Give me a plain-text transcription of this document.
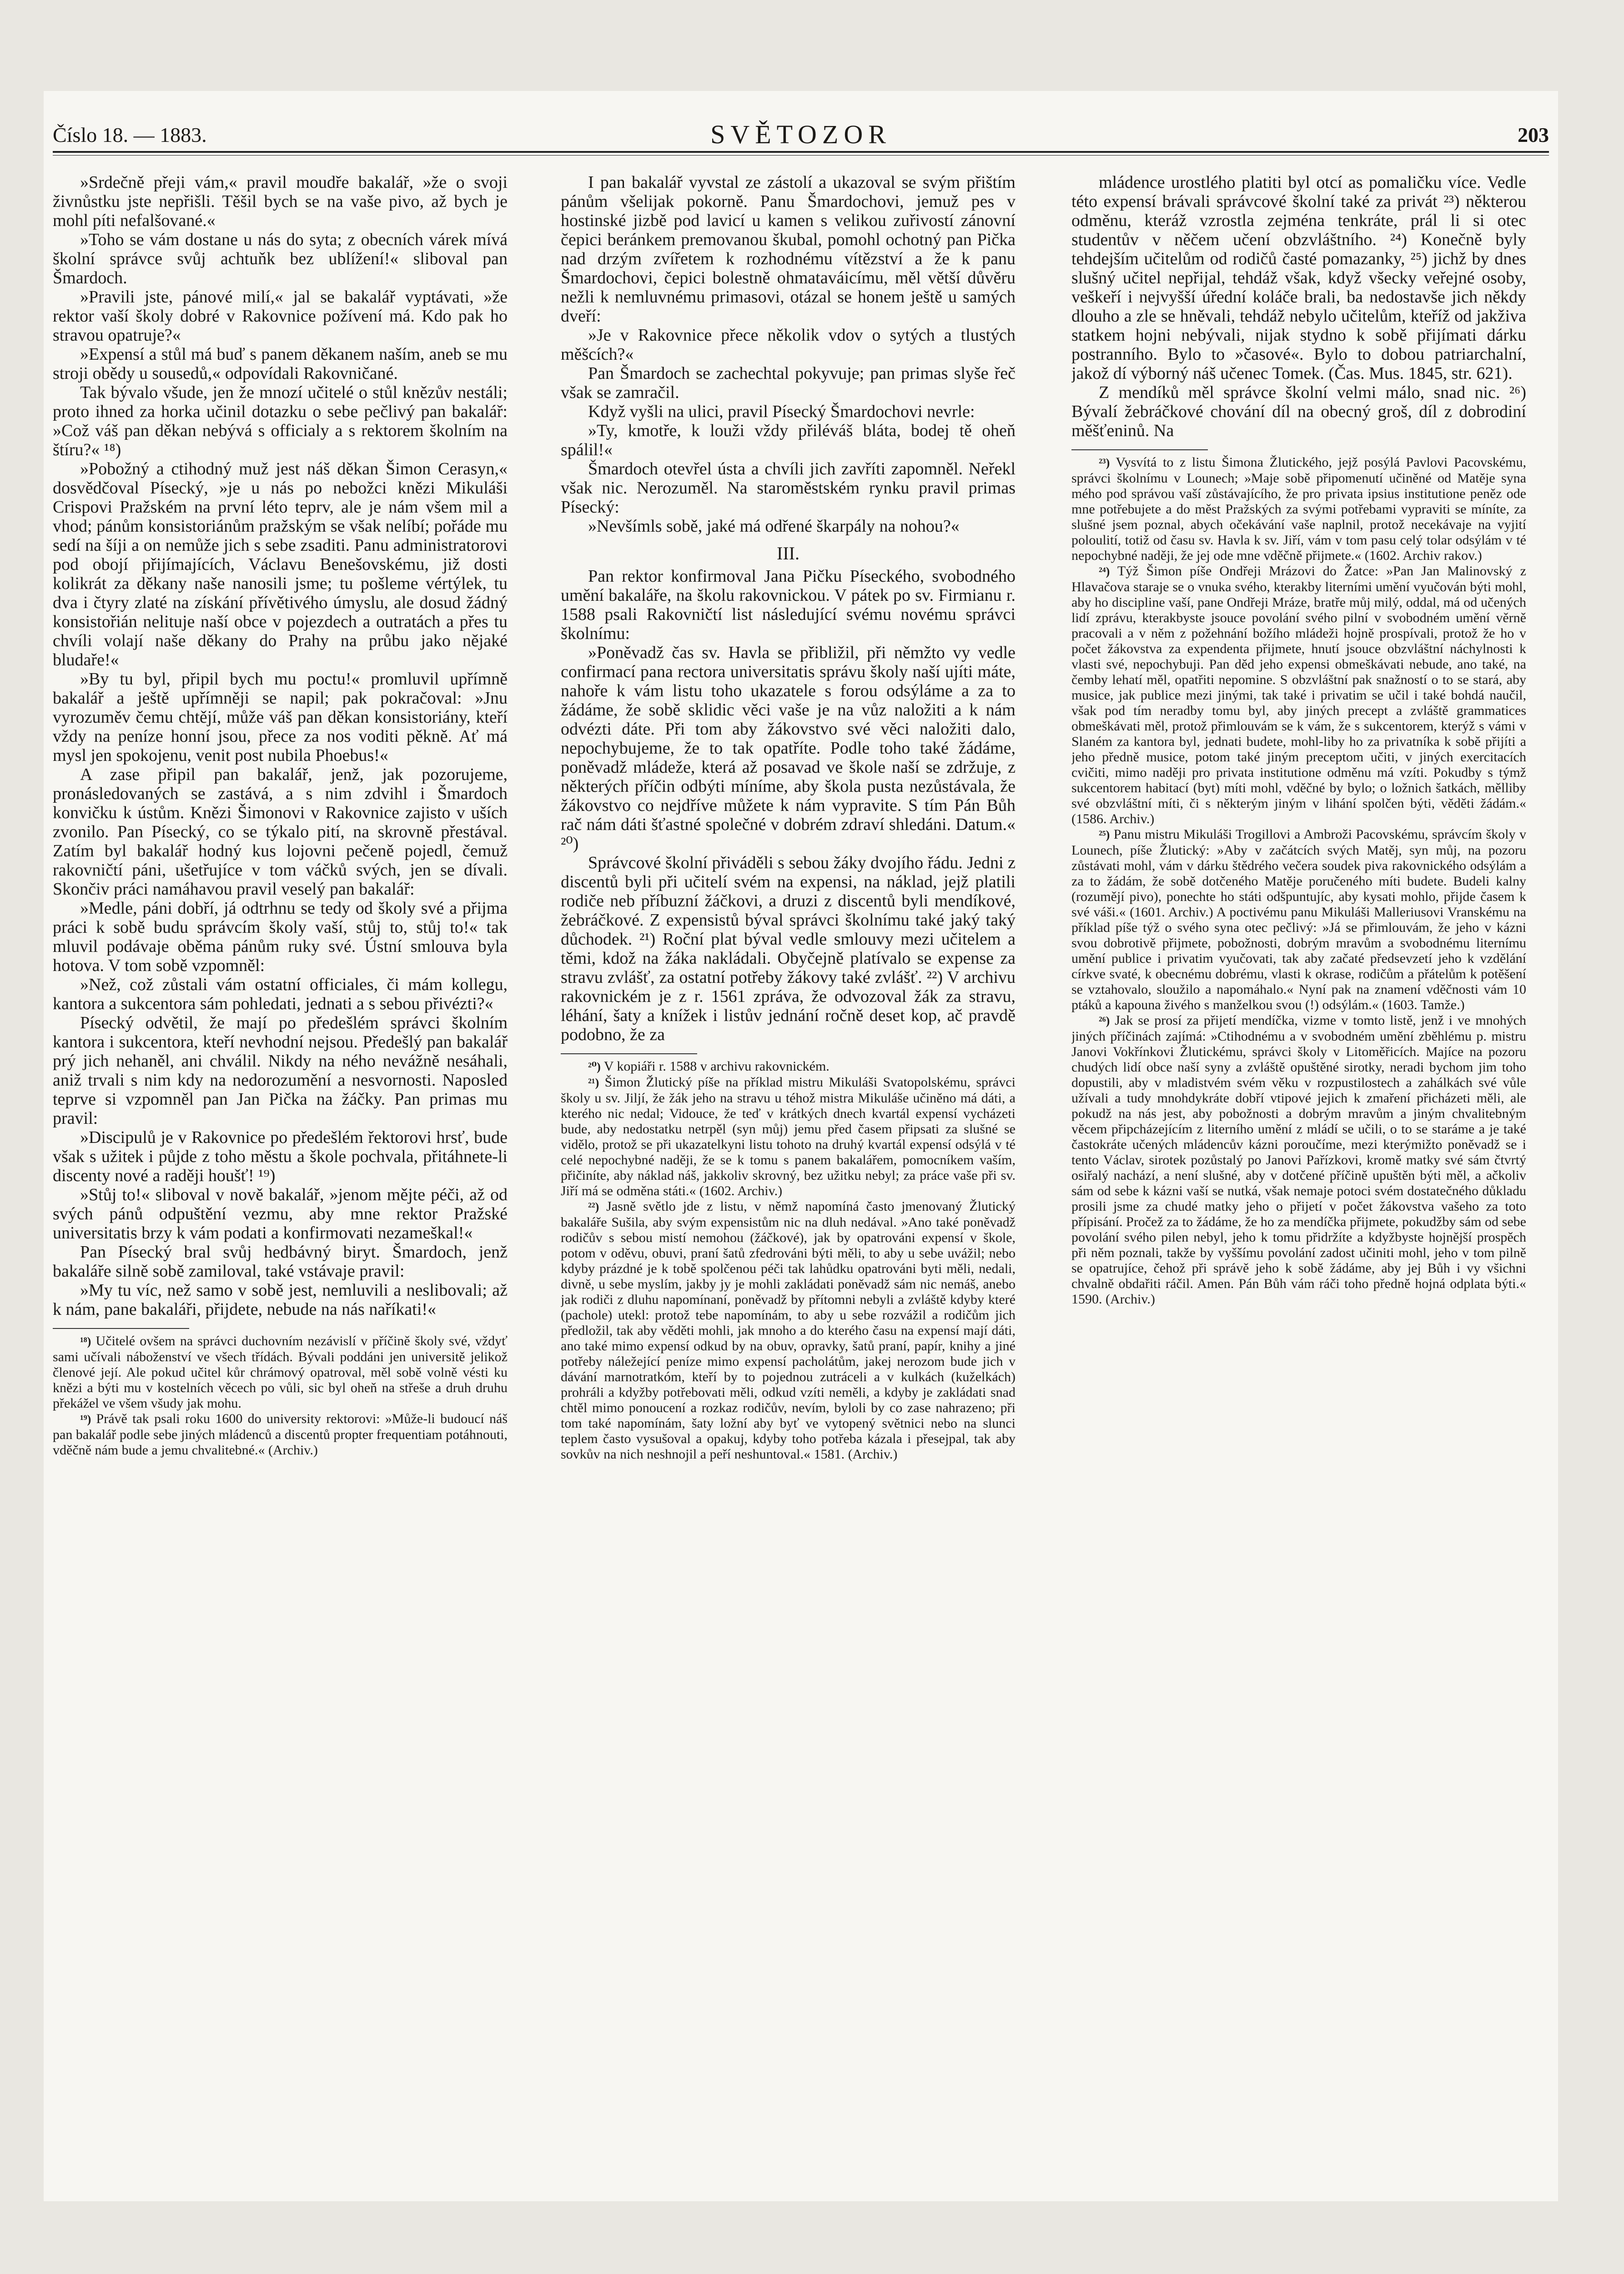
Číslo 18. — 1883.	SVĚTOZOR	203

»Srdečně přeji vám,« pravil moudře bakalář, »že o svoji živnůstku jste nepřišli. Těšil bych se na vaše pivo, až bych je mohl píti nefalšované.«

»Toho se vám dostane u nás do syta; z obecních várek mívá školní správce svůj achtuňk bez ublížení!« sliboval pan Šmardoch.

»Pravili jste, pánové milí,« jal se bakalář vyptávati, »že rektor vaší školy dobré v Rakovnice požívení má. Kdo pak ho stravou opatruje?«

»Expensí a stůl má buď s panem děkanem naším, aneb se mu stroji obědy u sousedů,« odpovídali Rakovničané.

Tak bývalo všude, jen že mnozí učitelé o stůl knězův nestáli; proto ihned za horka učinil dotazku o sebe pečlivý pan bakalář: »Což váš pan děkan nebývá s officialy a s rektorem školním na štíru?« ¹⁸)

»Pobožný a ctihodný muž jest náš děkan Šimon Cerasyn,« dosvědčoval Písecký, »je u nás po nebožci knězi Mikuláši Crispovi Pražském na první léto teprv, ale je nám všem mil a vhod; pánům konsistoriánům pražským se však nelíbí; pořáde mu sedí na šíji a on nemůže jich s sebe zsaditi. Panu administratorovi pod obojí přijímajících, Václavu Benešovskému, již dosti kolikrát za děkany naše nanosili jsme; tu pošleme vértýlek, tu dva i čtyry zlaté na získání přívětivého úmyslu, ale dosud žádný konsistořián nelituje naší obce v pojezdech a outratách a přes tu chvíli volají naše děkany do Prahy na průbu jako nějaké bludaře!«

»By tu byl, připil bych mu poctu!« promluvil upřímně bakalář a ještě upřímněji se napil; pak pokračoval: »Jnu vyrozuměv čemu chtějí, může váš pan děkan konsistoriány, kteří vždy na peníze honní jsou, přece za nos voditi pěkně. Ať má mysl jen spokojenu, venit post nubila Phoebus!«

A zase připil pan bakalář, jenž, jak pozorujeme, pronásledovaných se zastává, a s nim zdvihl i Šmardoch konvičku k ústům. Knězi Šimonovi v Rakovnice zajisto v uších zvonilo. Pan Písecký, co se týkalo pití, na skrovně přestával. Zatím byl bakalář hodný kus lojovni pečeně pojedl, čemuž rakovničtí páni, ušetřujíce v tom váčků svých, jen se dívali. Skončiv práci namáhavou pravil veselý pan bakalář:

»Medle, páni dobří, já odtrhnu se tedy od školy své a přijma práci k sobě budu správcím školy vaší, stůj to, stůj to!« tak mluvil podávaje oběma pánům ruky své. Ústní smlouva byla hotova. V tom sobě vzpomněl:

»Než, což zůstali vám ostatní officiales, či mám kollegu, kantora a sukcentora sám pohledati, jednati a s sebou přivézti?«

Písecký odvětil, že mají po předešlém správci školním kantora i sukcentora, kteří nevhodní nejsou. Předešlý pan bakalář prý jich nehaněl, ani chválil. Nikdy na ného nevážně nesáhali, aniž trvali s nim kdy na nedorozumění a nesvornosti. Naposled teprve si vzpomněl pan Jan Pička na žáčky. Pan primas mu pravil:

»Discipulů je v Rakovnice po předešlém řektorovi hrsť, bude však s užitek i půjde z toho městu a škole pochvala, přitáhnete-li discenty nové a raději houšť! ¹⁹)

»Stůj to!« sliboval v nově bakalář, »jenom mějte péči, až od svých pánů odpuštění vezmu, aby mne rektor Pražské universitatis brzy k vám podati a konfirmovati nezameškal!«

Pan Písecký bral svůj hedbávný biryt. Šmardoch, jenž bakaláře silně sobě zamiloval, také vstávaje pravil:

»My tu víc, než samo v sobě jest, nemluvili a neslibovali; až k nám, pane bakaláři, přijdete, nebude na nás naříkati!«

¹⁸) Učitelé ovšem na správci duchovním nezávislí v příčině školy své, vždyť sami učívali náboženství ve všech třídách. Bývali poddáni jen universitě jelikož členové její. Ale pokud učitel kůr chrámový opatroval, měl sobě volně vésti ku knězi a býti mu v kostelních věcech po vůli, sic byl oheň na střeše a druh druhu překážel ve všem všudy jak mohu.

¹⁹) Právě tak psali roku 1600 do university rektorovi: »Může-li budoucí náš pan bakalář podle sebe jiných mládenců a discentů propter frequentiam potáhnouti, vděčně nám bude a jemu chvalitebné.« (Archiv.)

I pan bakalář vyvstal ze zástolí a ukazoval se svým přištím pánům všelijak pokorně. Panu Šmardochovi, jemuž pes v hostinské jizbě pod lavicí u kamen s velikou zuřivostí zánovní čepici beránkem premovanou škubal, pomohl ochotný pan Pička nad drzým zvířetem k rozhodnému vítězství a že k panu Šmardochovi, čepici bolestně ohmataváicímu, měl větší důvěru nežli k nemluvnému primasovi, otázal se honem ještě u samých dveří:

»Je v Rakovnice přece několik vdov o sytých a tlustých měšcích?«

Pan Šmardoch se zachechtal pokyvuje; pan primas slyše řeč však se zamračil.

Když vyšli na ulici, pravil Písecký Šmardochovi nevrle:

»Ty, kmotře, k louži vždy přiléváš bláta, bodej tě oheň spálil!«

Šmardoch otevřel ústa a chvíli jich zavříti zapomněl. Neřekl však nic. Nerozuměl. Na staroměstském rynku pravil primas Písecký:

»Nevšímls sobě, jaké má odřené škarpály na nohou?«

III.

Pan rektor konfirmoval Jana Pičku Píseckého, svobodného umění bakaláře, na školu rakovnickou. V pátek po sv. Firmianu r. 1588 psali Rakovničtí list následující svému novému správci školnímu:

»Poněvadž čas sv. Havla se přibližil, při němžto vy vedle confirmací pana rectora universitatis správu školy naší ujíti máte, nahoře k vám listu toho ukazatele s forou odsýláme a za to žádáme, že sobě sklidic věci vaše je na vůz naložiti a k nám odvézti dáte. Při tom aby žákovstvo své věci naložiti dalo, nepochybujeme, že to tak opatříte. Podle toho také žádáme, poněvadž mládeže, která až posavad ve škole naší se zdržuje, z některých příčin odbýti míníme, aby škola pusta nezůstávala, že žákovstvo co nejdříve můžete k nám vypravite. S tím Pán Bůh rač nám dáti šťastné společné v dobrém zdraví shledáni. Datum.« ²⁰)

Správcové školní přiváděli s sebou žáky dvojího řádu. Jedni z discentů byli při učitelí svém na expensi, na náklad, jejž platili rodiče neb příbuzní žáčkovi, a druzi z discentů byli mendíkové, žebráčkové. Z expensistů býval správci školnímu také jaký taký důchodek. ²¹) Roční plat býval vedle smlouvy mezi učitelem a těmi, kdož na žáka nakládali. Obyčejně platívalo se expense za stravu zvlášť, za ostatní potřeby žákovy také zvlášť. ²²) V archivu rakovnickém je z r. 1561 zpráva, že odvozoval žák za stravu, léhání, šaty a knížek i listův jednání ročně deset kop, ač pravdě podobno, že za

²⁰) V kopiáři r. 1588 v archivu rakovnickém.

²¹) Šimon Žlutický píše na příklad mistru Mikuláši Svatopolskému, správci školy u sv. Jiljí, že žák jeho na stravu u téhož mistra Mikuláše učiněno má dáti, a kterého nic nedal; Vidouce, že teď v krátkých dnech kvartál expensí vycházeti bude, aby nedostatku netrpěl (syn můj) jemu před časem připsati za slušné se vidělo, protož se při ukazatelkyni listu tohoto na druhý kvartál expensí odsýlá v té celé nepochybné naději, že se k tomu s panem bakalářem, pomocníkem vaším, přičiníte, aby náklad náš, jakkoliv skrovný, bez užitku nebyl; za práce vaše při sv. Jiří má se odměna státi.« (1602. Archiv.)

²²) Jasně světlo jde z listu, v němž napomíná často jmenovaný Žlutický bakaláře Sušila, aby svým expensistům nic na dluh nedával. »Ano také poněvadž rodičův s sebou mistí nemohou (žáčkové), jak by opatrováni expensí v škole, potom v oděvu, obuvi, praní šatů zfedrováni býti měli, to aby u sebe uvážil; nebo kdyby prázdné je k tobě spolčenou péči tak lahůdku opatrováni byti měli, nedali, divně, u sebe myslím, jakby jy je mohli zakládati poněvadž sám nic nemáš, anebo jak rodiči z dluhu napomínaní, poněvadž by přítomni nebyli a zvláště kdyby které (pachole) utekl: protož tebe napomínám, to aby u sebe rozvážil a rodičům jich předložil, tak aby věděti mohli, jak mnoho a do kterého času na expensí mají dáti, ano také mimo expensí odkud by na obuv, opravky, šatů praní, papír, knihy a jiné potřeby náležející peníze mimo expensí pacholátům, jakej nerozom bude jich v dávání marnotratkóm, kteří by to pojednou zutráceli a v kulkách (kuželkách) prohráli a kdyžby potřebovati měli, odkud vzíti neměli, a kdyby je zakládati snad chtěl mimo ponoucení a rozkaz rodičův, nevím, byloli by co zase nahrazeno; při tom také napomínám, šaty ložní aby byť ve vytopený světnici nebo na slunci teplem často vysušoval a opakuj, kdyby toho potřeba kázala i přesejpal, tak aby sovkův na nich neshnojil a peří neshuntoval.« 1581. (Archiv.)

mládence urostlého platiti byl otcí as pomaličku více. Vedle této expensí brávali správcové školní také za privát ²³) některou odměnu, kteráž vzrostla zejména tenkráte, prál li si otec studentův v něčem učení obzvláštního. ²⁴) Konečně byly tehdejším učitelům od rodičů časté pomazanky, ²⁵) jichž by dnes slušný učitel nepřijal, tehdáž však, když všecky veřejné osoby, veškeří i nejvyšší úřední koláče brali, ba nedostavše jich někdy dlouho a zle se hněvali, tehdáž nebylo učitelům, kteříž od jakživa statkem hojni nebývali, nijak stydno k sobě přijímati dárku postranního. Bylo to »časové«. Bylo to dobou patriarchalní, jakož dí výborný náš učenec Tomek. (Čas. Mus. 1845, str. 621).

Z mendíků měl správce školní velmi málo, snad nic. ²⁶) Bývalí žebráčkové chování díl na obecný groš, díl z dobrodiní měšťeninů. Na

²³) Vysvítá to z listu Šimona Žlutického, jejž posýlá Pavlovi Pacovskému, správci školnímu v Lounech; »Maje sobě připomenutí učiněné od Matěje syna mého pod správou vaší zůstávajícího, že pro privata ipsius institutione peněz ode mne potřebujete a do měst Pražských za svými potřebami vypraviti se míníte, za slušné jsem poznal, abych očekávání vaše naplnil, protož necekávaje na vyjití poloulití, totiž od času sv. Havla k sv. Jiří, vám v tom pasu celý tolar odsýlám v té nepochybné naději, že jej ode mne vděčně přijmete.« (1602. Archiv rakov.)

²⁴) Týž Šimon píše Ondřeji Mrázovi do Žatce: »Pan Jan Malinovský z Hlavačova staraje se o vnuka svého, kterakby literními umění vyučován býti mohl, aby ho discipline vaší, pane Ondřeji Mráze, bratře můj milý, oddal, má od učených lidí zprávu, kterakbyste jsouce povolání svého pilní v svobodném umění věrně pracovali a v něm z požehnání božího mládeži hojně prospívali, protož že ho v počet žákovstva za expendenta přijmete, hnutí jsouce obzvláštní náchylnosti k vlasti své, nepochybuji. Pan děd jeho expensi obmeškávati nebude, ano také, na čemby lehatí měl, opatřiti nepomine. S obzvláštní pak snažností o to se stará, aby musice, jak publice mezi jinými, tak také i privatim se učil i také bohdá naučil, však pod tím neradby tomu byl, aby jiných precept a zvláště grammatices obmeškávati měl, protož přimlouvám se k vám, že s sukcentorem, kterýž s vámi v Slaném za kantora byl, jednati budete, mohl-liby ho za privatníka k sobě přijíti a jeho předně musice, potom také jiným preceptom učiti, v jiných exercitacích cvičiti, mimo naději pro privata institutione odměnu má vzíti. Pokudby s týmž sukcentorem habitací (byt) míti mohl, vděčné by bylo; o ložnich šatkách, mělliby své obzvláštní míti, či s některým jiným v lihání spolčen býti, věděti žádám.« (1586. Archiv.)

²⁵) Panu mistru Mikuláši Trogillovi a Ambroži Pacovskému, správcím školy v Lounech, píše Žlutický: »Aby v začátcích svých Matěj, syn můj, na pozoru zůstávati mohl, vám v dárku štědrého večera soudek piva rakovnického odsýlám a za to žádám, že sobě dotčeného Matěje poručeného míti budete. Budeli kalny (rozumějí pivo), ponechte ho státi odšpuntujíc, aby kysati mohlo, přijde časem k své váši.« (1601. Archiv.) A poctivému panu Mikuláši Malleriusovi Vranskému na příklad píše týž o svého syna otec pečlivý: »Já se přimlouvám, že jeho v kázni svou dobrotivě přijmete, pobožnosti, dobrým mravům a svobodnému liternímu umění publice i privatim vyučovati, tak aby začaté předsevzetí jeho k vzdělání církve svaté, k obecnému dobrému, vlasti k okrase, rodičům a přátelům k potěšení se vztahovalo, sloužilo a napomáhalo.« Nyní pak na znamení vděčnosti vám 10 ptáků a kapouna živého s manželkou svou (!) odsýlám.« (1603. Tamže.)

²⁶) Jak se prosí za přijetí mendíčka, vizme v tomto listě, jenž i ve mnohých jiných příčinách zajímá: »Ctihodnému a v svobodném umění zběhlému p. mistru Janovi Vokřínkovi Žlutickému, správci školy v Litoměřicích. Majíce na pozoru chudých lidí obce naší syny a zvláště opuštěné sirotky, neradi bychom jim toho dopustili, aby v mladistvém svém věku v rozpustilostech a zahálkách své vůle užívali a tudy mnohdykráte dobří vtipové jejich k zmaření přicházeti měli, ale pokudž na nás jest, aby pobožnosti a dobrým mravům a jiným chvalitebným věcem připcházejícím z literního umění z mládí se učili, o to se staráme a je také častokráte učených mládencův kázni poroučíme, mezi kterýmižto poněvadž se i tento Václav, sirotek pozůstalý po Janovi Pařízkovi, kromě matky své sám čtvrtý osiřalý nachází, a není slušné, aby v dotčené příčině upuštěn býti měl, a ačkoliv sám od sebe k kázni vaší se nutká, však nemaje potoci svém dostatečného důkladu prosili jsme za chudé matky jeho o přijetí v počet žákovstva vašeho za toto přípisání. Pročež za to žádáme, že ho za mendíčka přijmete, pokudžby sám od sebe povolání svého pilen nebyl, jeho k tomu přidržíte a kdyžbyste hojnější prospěch při něm poznali, takže by vyššímu povolání zadost učiniti mohl, jeho v tom pilně se opatrujíce, čehož při správě jeho k sobě žádáme, aby jej Bůh i vy všichni chvalně obdařiti ráčil. Amen. Pán Bůh vám ráči toho předně hojná odplata býti.« 1590. (Archiv.)
